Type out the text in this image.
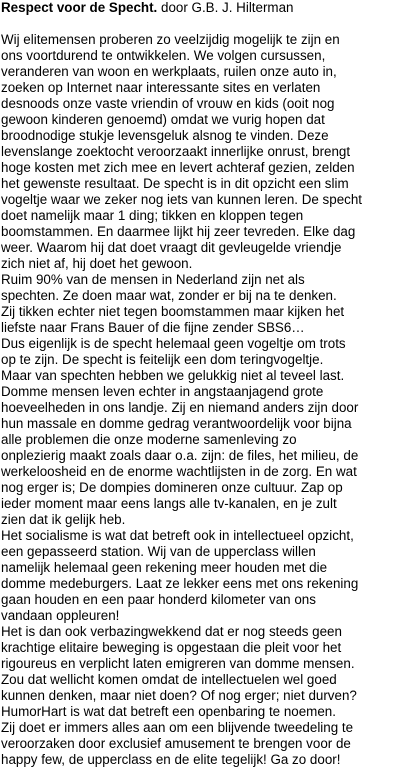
Respect voor de Specht. door G.B. J. Hilterman

Wij elitemensen proberen zo veelzijdig mogelijk te zijn en
ons voortdurend te ontwikkelen. We volgen cursussen,
veranderen van woon en werkplaats, ruilen onze auto in,
zoeken op Internet naar interessante sites en verlaten
desnoods onze vaste vriendin of vrouw en kids (ooit nog
gewoon kinderen genoemd) omdat we vurig hopen dat
broodnodige stukje levensgeluk alsnog te vinden. Deze
levenslange zoektocht veroorzaakt innerlijke onrust, brengt
hoge kosten met zich mee en levert achteraf gezien, zelden
het gewenste resultaat. De specht is in dit opzicht een slim
vogeltje waar we zeker nog iets van kunnen leren. De specht
doet namelijk maar 1 ding; tikken en kloppen tegen
boomstammen. En daarmee lijkt hij zeer tevreden. Elke dag
weer. Waarom hij dat doet vraagt dit gevleugelde vriendje
zich niet af, hij doet het gewoon.

Ruim 90% van de mensen in Nederland zijn net als
spechten. Ze doen maar wat, zonder er bij na te denken.
Zij tikken echter niet tegen boomstammen maar kijken het
liefste naar Frans Bauer of die fijne zender SBS6…
Dus eigenlijk is de specht helemaal geen vogeltje om trots
op te zijn. De specht is feitelijk een dom teringvogeltje.
Maar van spechten hebben we gelukkig niet al teveel last.
Domme mensen leven echter in angstaanjagend grote
hoeveelheden in ons landje. Zij en niemand anders zijn door
hun massale en domme gedrag verantwoordelijk voor bijna
alle problemen die onze moderne samenleving zo
onplezierig maakt zoals daar o.a. zijn: de files, het milieu, de
werkeloosheid en de enorme wachtlijsten in de zorg. En wat
nog erger is; De dompies domineren onze cultuur. Zap op
ieder moment maar eens langs alle tv-kanalen, en je zult
zien dat ik gelijk heb.

Het socialisme is wat dat betreft ook in intellectueel opzicht,
een gepasseerd station. Wij van de upperclass willen
namelijk helemaal geen rekening meer houden met die
domme medeburgers. Laat ze lekker eens met ons rekening
gaan houden en een paar honderd kilometer van ons
vandaan oppleuren!

Het is dan ook verbazingwekkend dat er nog steeds geen
krachtige elitaire beweging is opgestaan die pleit voor het
rigoureus en verplicht laten emigreren van domme mensen.
Zou dat wellicht komen omdat de intellectuelen wel goed
kunnen denken, maar niet doen? Of nog erger; niet durven?
HumorHart is wat dat betreft een openbaring te noemen.
Zij doet er immers alles aan om een blijvende tweedeling te
veroorzaken door exclusief amusement te brengen voor de
happy few, de upperclass en de elite tegelijk! Ga zo door!
